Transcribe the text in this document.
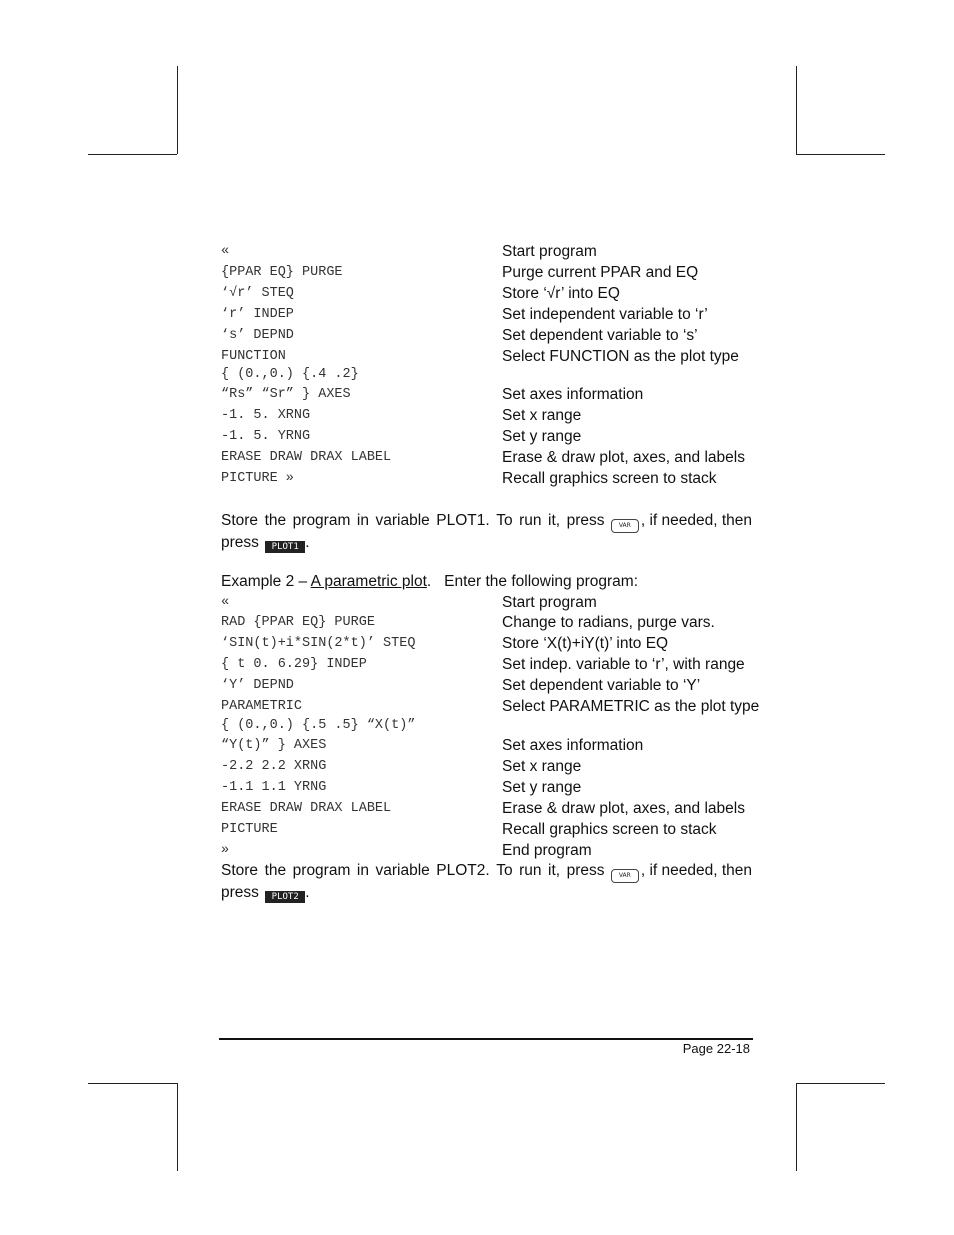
«	Start program
{PPAR EQ} PURGE	Purge current PPAR and EQ
‘√r’ STEQ	Store ‘√r’ into EQ
‘r’ INDEP	Set independent variable to ‘r’
‘s’ DEPND	Set dependent variable to ‘s’
FUNCTION	Select FUNCTION as the plot type
{ (0.,0.) {.4 .2}
“Rs” “Sr” } AXES	Set axes information
-1. 5. XRNG	Set x range
-1. 5. YRNG	Set y range
ERASE DRAW DRAX LABEL	Erase & draw plot, axes, and labels
PICTURE »	Recall graphics screen to stack
Store the program in variable PLOT1. To run it, press VAR , if needed, then
press PLOT1 .
Example 2 – A parametric plot.   Enter the following program:
«	Start program
RAD {PPAR EQ} PURGE	Change to radians, purge vars.
‘SIN(t)+i*SIN(2*t)’ STEQ	Store ‘X(t)+iY(t)’ into EQ
{ t 0. 6.29} INDEP	Set indep. variable to ‘r’, with range
‘Y’ DEPND	Set dependent variable to ‘Y’
PARAMETRIC	Select PARAMETRIC as the plot type
{ (0.,0.) {.5 .5} “X(t)”
“Y(t)” } AXES	Set axes information
-2.2 2.2 XRNG	Set x range
-1.1 1.1 YRNG	Set y range
ERASE DRAW DRAX LABEL	Erase & draw plot, axes, and labels
PICTURE	Recall graphics screen to stack
»	End program
Store the program in variable PLOT2. To run it, press VAR , if needed, then
press PLOT2 .
Page 22-18
